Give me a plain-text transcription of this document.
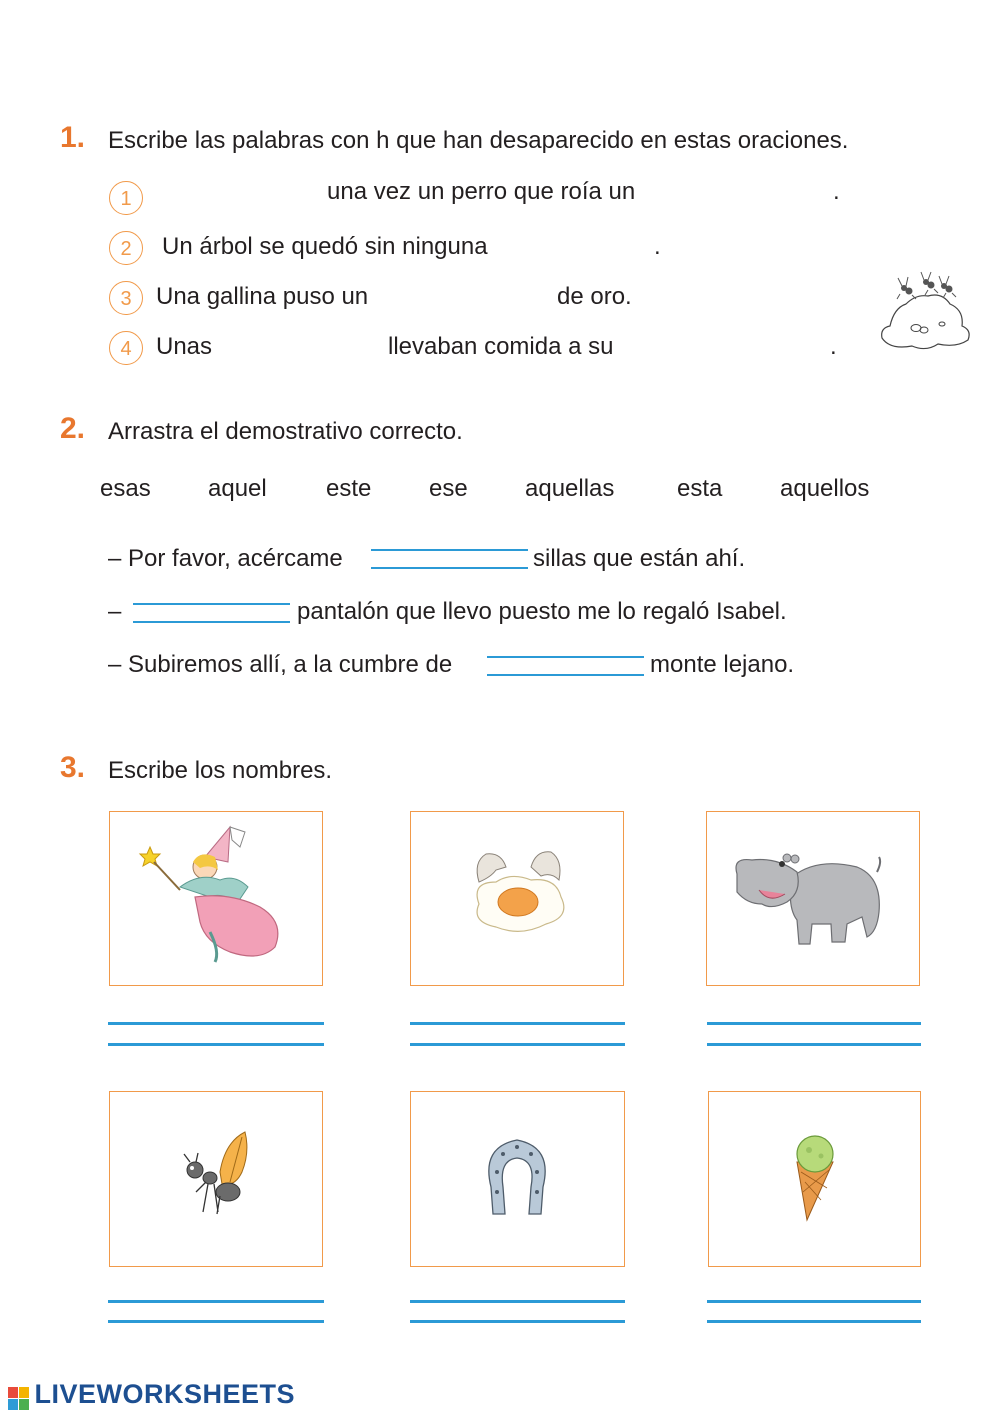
1. Escribe las palabras con h que han desaparecido en estas oraciones.
1	una vez un perro que roía un	.
2	Un árbol se quedó sin ninguna	.
3	Una gallina puso un	de oro.
4	Unas	llevaban comida a su	.
2. Arrastra el demostrativo correcto.
esas aquel este ese aquellas	esta aquellos
– Por favor, acércame	sillas que están ahí.
–	pantalón que llevo puesto me lo regaló Isabel.
– Subiremos allí, a la cumbre de	monte lejano.
3. Escribe los nombres.
LIVEWORKSHEETS
